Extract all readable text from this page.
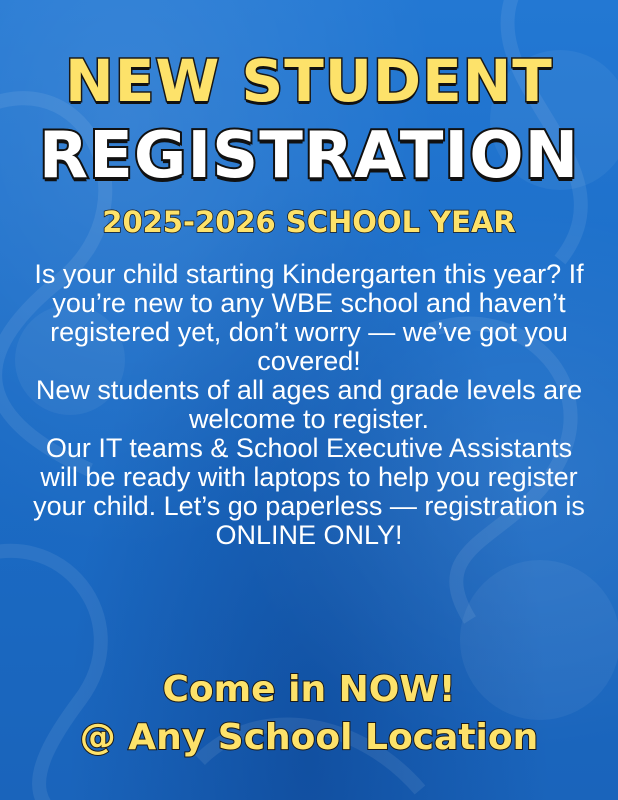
NEW STUDENT
REGISTRATION
2025-2026 SCHOOL YEAR

Is your child starting Kindergarten this year? If you’re new to any WBE school and haven’t registered yet, don’t worry — we’ve got you covered!

New students of all ages and grade levels are welcome to register.

Our IT teams & School Executive Assistants will be ready with laptops to help you register your child. Let’s go paperless — registration is ONLINE ONLY!

Come in NOW!
@ Any School Location
